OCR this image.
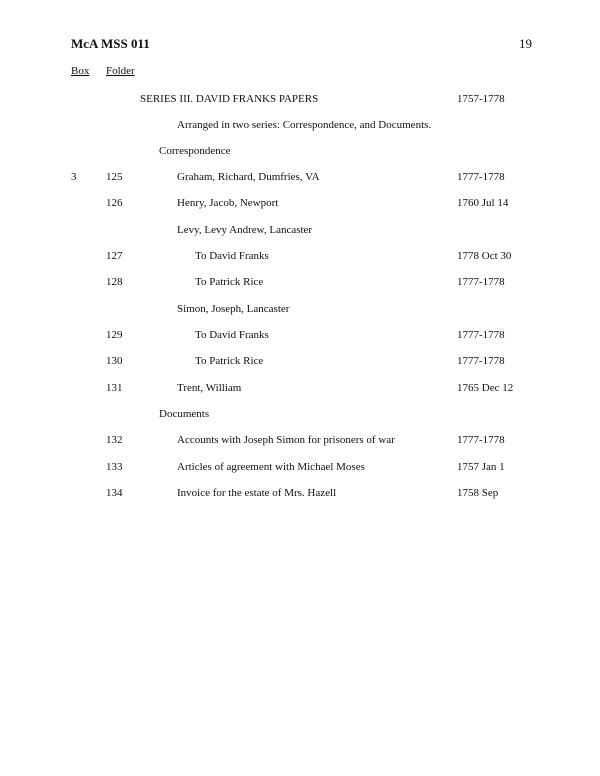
McA MSS 011	19
Box Folder
SERIES III. DAVID FRANKS PAPERS	1757-1778
Arranged in two series: Correspondence, and Documents.
Correspondence
3	125	Graham, Richard, Dumfries, VA	1777-1778
126	Henry, Jacob, Newport	1760 Jul 14
Levy, Levy Andrew, Lancaster
127	To David Franks	1778 Oct 30
128	To Patrick Rice	1777-1778
Simon, Joseph, Lancaster
129	To David Franks	1777-1778
130	To Patrick Rice	1777-1778
131	Trent, William	1765 Dec 12
Documents
132	Accounts with Joseph Simon for prisoners of war	1777-1778
133	Articles of agreement with Michael Moses	1757 Jan 1
134	Invoice for the estate of Mrs. Hazell	1758 Sep
